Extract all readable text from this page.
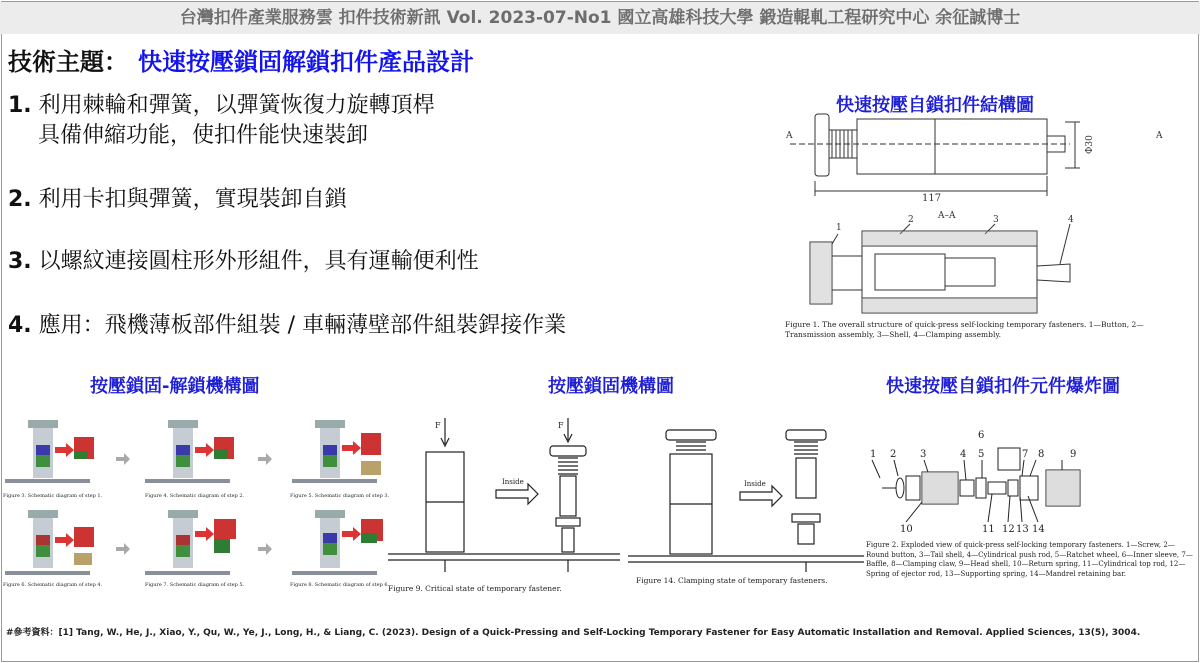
台灣扣件產業服務雲 扣件技術新訊 Vol. 2023-07-No1 國立高雄科技大學 鍛造輥軋工程研究中心 余征誠博士
技術主題： 快速按壓鎖固解鎖扣件產品設計
1. 利用棘輪和彈簧，以彈簧恢復力旋轉頂桿
具備伸縮功能，使扣件能快速裝卸
2. 利用卡扣與彈簧，實現裝卸自鎖
3. 以螺紋連接圓柱形外形組件，具有運輸便利性
4. 應用：飛機薄板部件組裝 / 車輛薄壁部件組裝銲接作業
快速按壓自鎖扣件結構圖
按壓鎖固-解鎖機構圖	按壓鎖固機構圖	快速按壓自鎖扣件元件爆炸圖
A	A
117
Φ30
A–A
1
2	3	4
Figure 1. The overall structure of quick-press self-locking temporary fasteners. 1—Button, 2—Transmission assembly, 3—Shell, 4—Clamping assembly.
Figure 3. Schematic diagram of step 1.	Figure 4. Schematic diagram of step 2.	Figure 5. Schematic diagram of step 3.
Figure 6. Schematic diagram of step 4.	Figure 7. Schematic diagram of step 5.	Figure 8. Schematic diagram of step 6.
F	F
Inside
Figure 9. Critical state of temporary fastener.
Inside
Figure 14. Clamping state of temporary fasteners.
1 2 3	4 5
6
7 8	9
10	11 12 13 14
Figure 2. Exploded view of quick-press self-locking temporary fasteners. 1—Screw, 2—Round button, 3—Tail shell, 4—Cylindrical push rod, 5—Ratchet wheel, 6—Inner sleeve, 7—Baffle, 8—Clamping claw, 9—Head shell, 10—Return spring, 11—Cylindrical top rod, 12—Spring of ejector rod, 13—Supporting spring, 14—Mandrel retaining bar.
#參考資料：[1] Tang, W., He, J., Xiao, Y., Qu, W., Ye, J., Long, H., & Liang, C. (2023). Design of a Quick-Pressing and Self-Locking Temporary Fastener for Easy Automatic Installation and Removal. Applied Sciences, 13(5), 3004.
